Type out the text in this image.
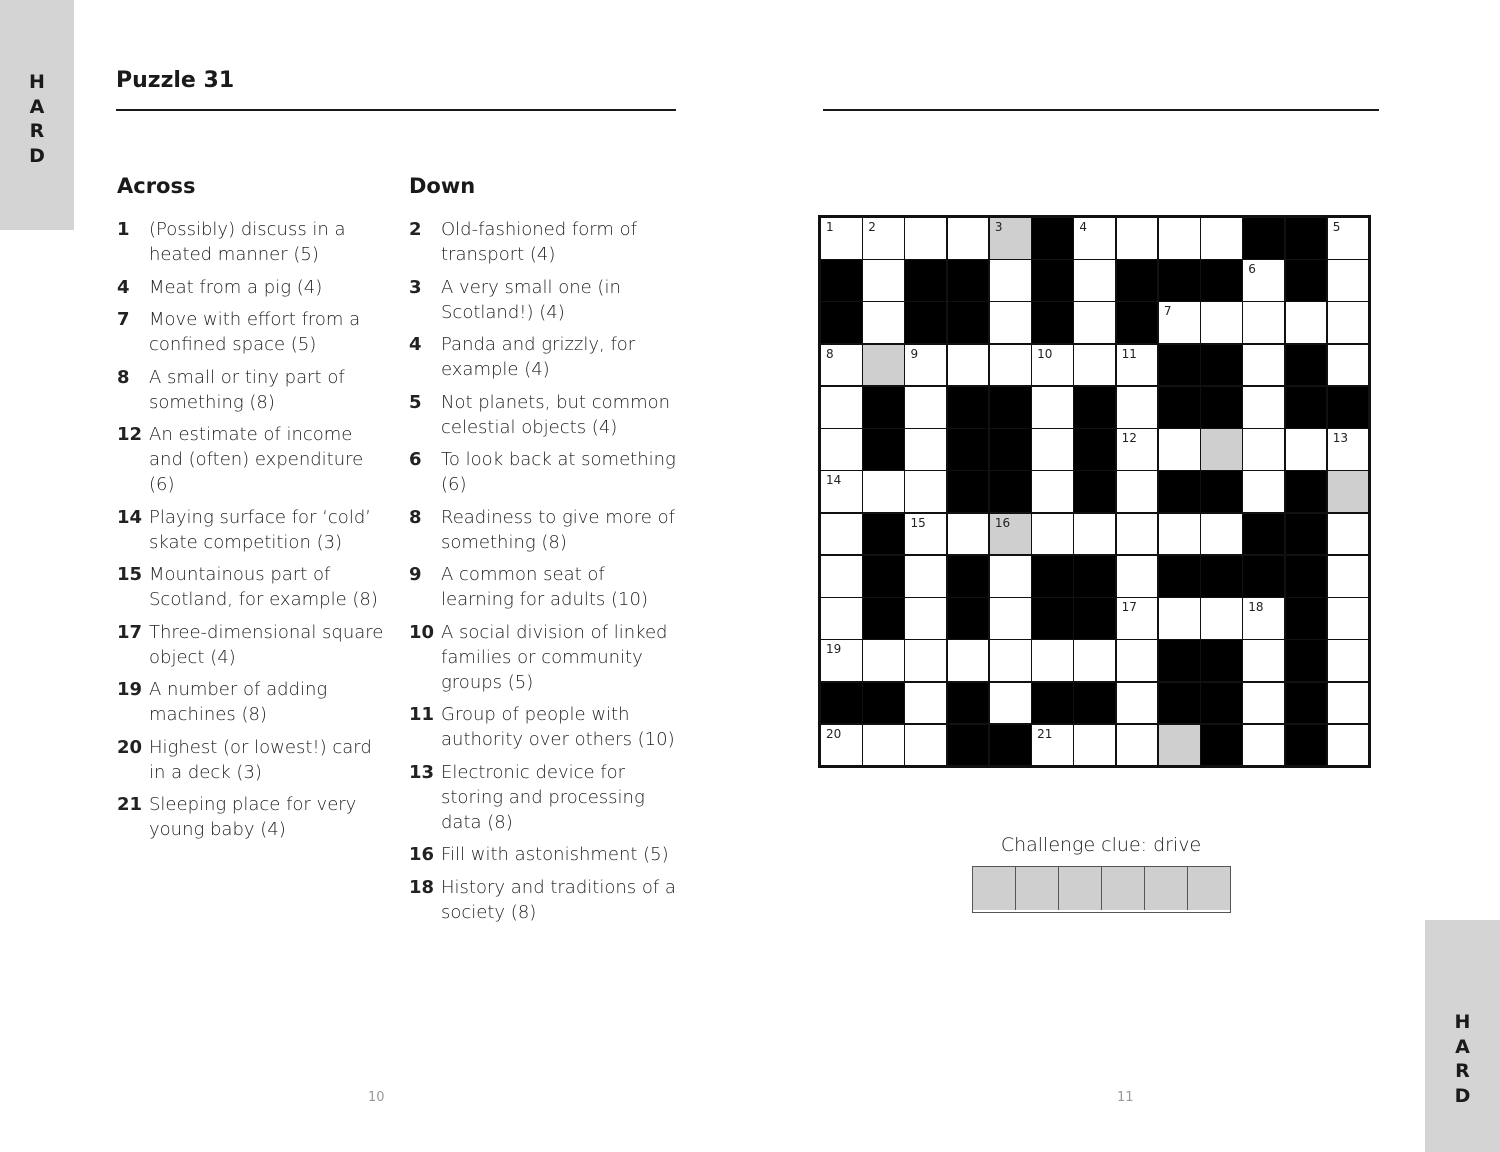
H
A
R
D
H
A
R
D
Puzzle 31
Across
1	(Possibly) discuss in a heated manner (5)
4	Meat from a pig (4)
7	Move with effort from a confined space (5)
8	A small or tiny part of something (8)
12 An estimate of income and (often) expenditure (6)
14 Playing surface for ‘cold’ skate competition (3)
15 Mountainous part of Scotland, for example (8)
17 Three-dimensional square object (4)
19 A number of adding machines (8)
20 Highest (or lowest!) card in a deck (3)
21 Sleeping place for very young baby (4)
Down
2	Old-fashioned form of transport (4)
3	A very small one (in Scotland!) (4)
4	Panda and grizzly, for example (4)
5	Not planets, but common celestial objects (4)
6	To look back at something (6)
8	Readiness to give more of something (8)
9	A common seat of learning for adults (10)
10 A social division of linked families or community groups (5)
11 Group of people with authority over others (10)
13 Electronic device for storing and processing data (8)
16 Fill with astonishment (5)
18 History and traditions of a society (8)
1	2	3	4	5
6
7
8	9	10	11
12	13
14
15	16
17	18
19
20	21
Challenge clue: drive
10	11
